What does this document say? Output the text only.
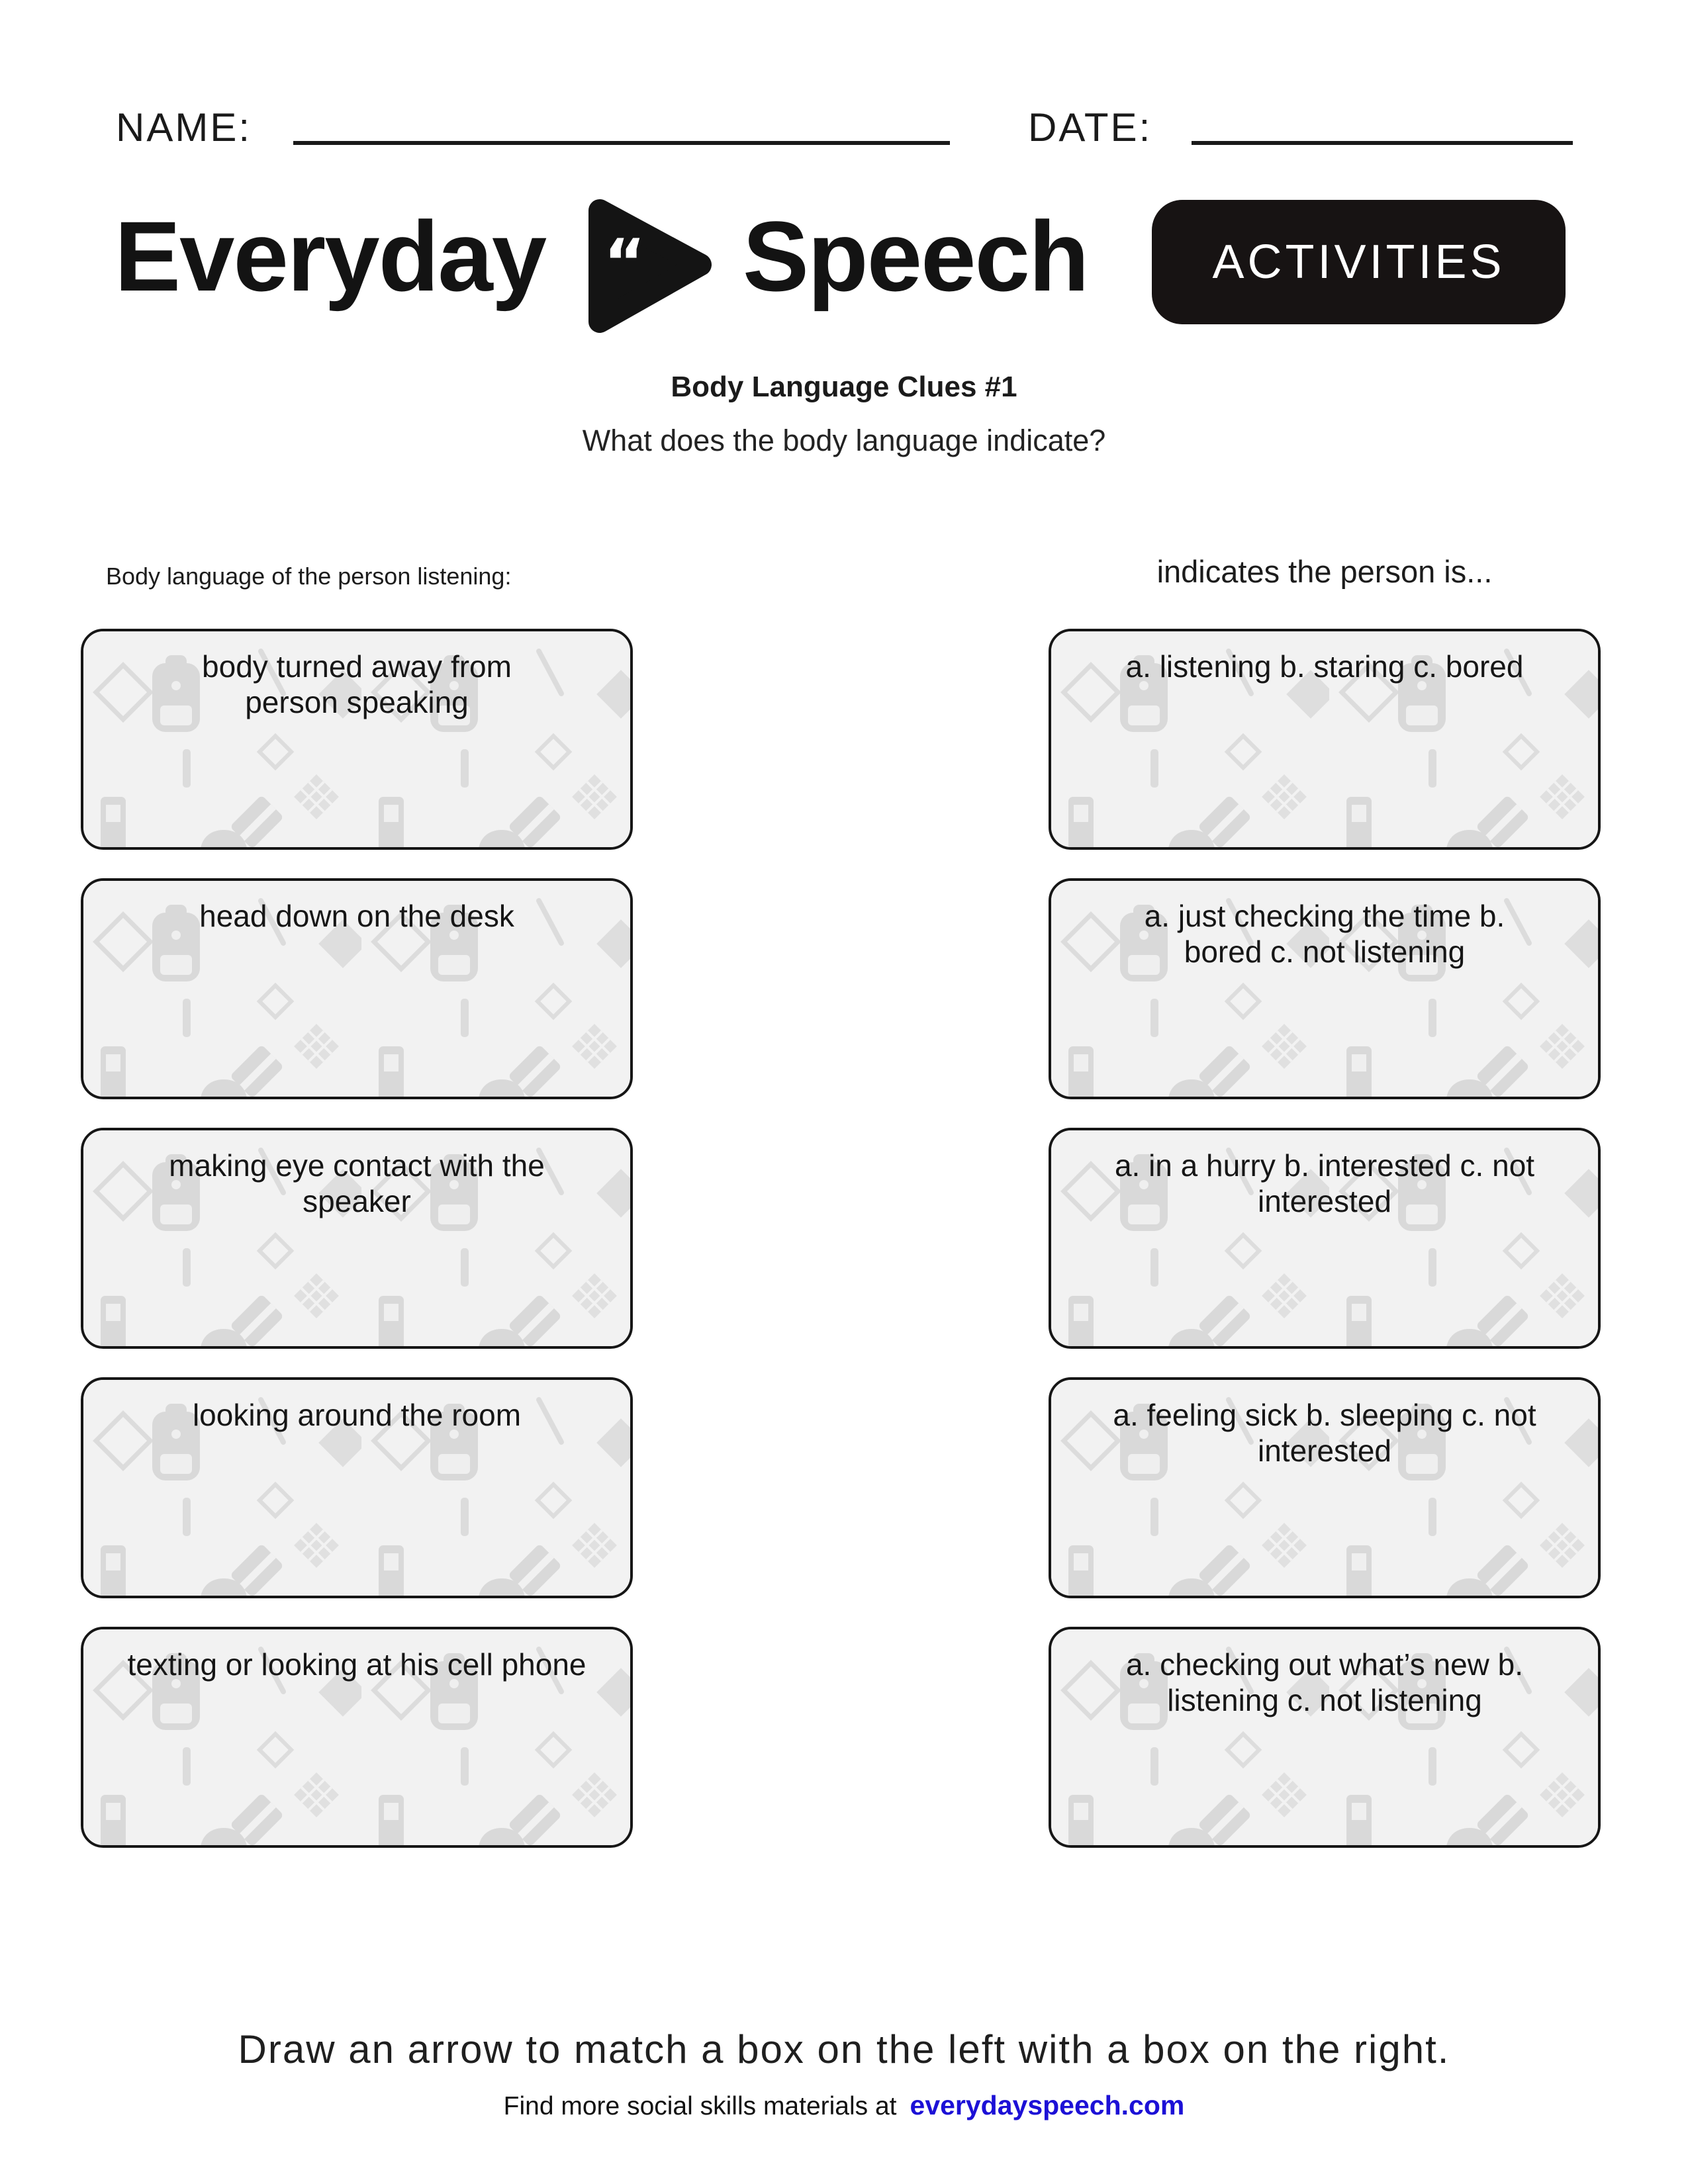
NAME:	DATE:
Everyday “ Speech	ACTIVITIES
Body Language Clues #1
What does the body language indicate?
Body language of the person listening:	indicates the person is...
body turned away from person speaking
head down on the desk
making eye contact with the speaker
looking around the room
texting or looking at his cell phone
a. listening b. staring c. bored
a. just checking the time b. bored c. not listening
a. in a hurry b. interested c. not interested
a. feeling sick b. sleeping c. not interested
a. checking out what’s new b. listening c. not listening
Draw an arrow to match a box on the left with a box on the right.
Find more social skills materials at everydayspeech.com
